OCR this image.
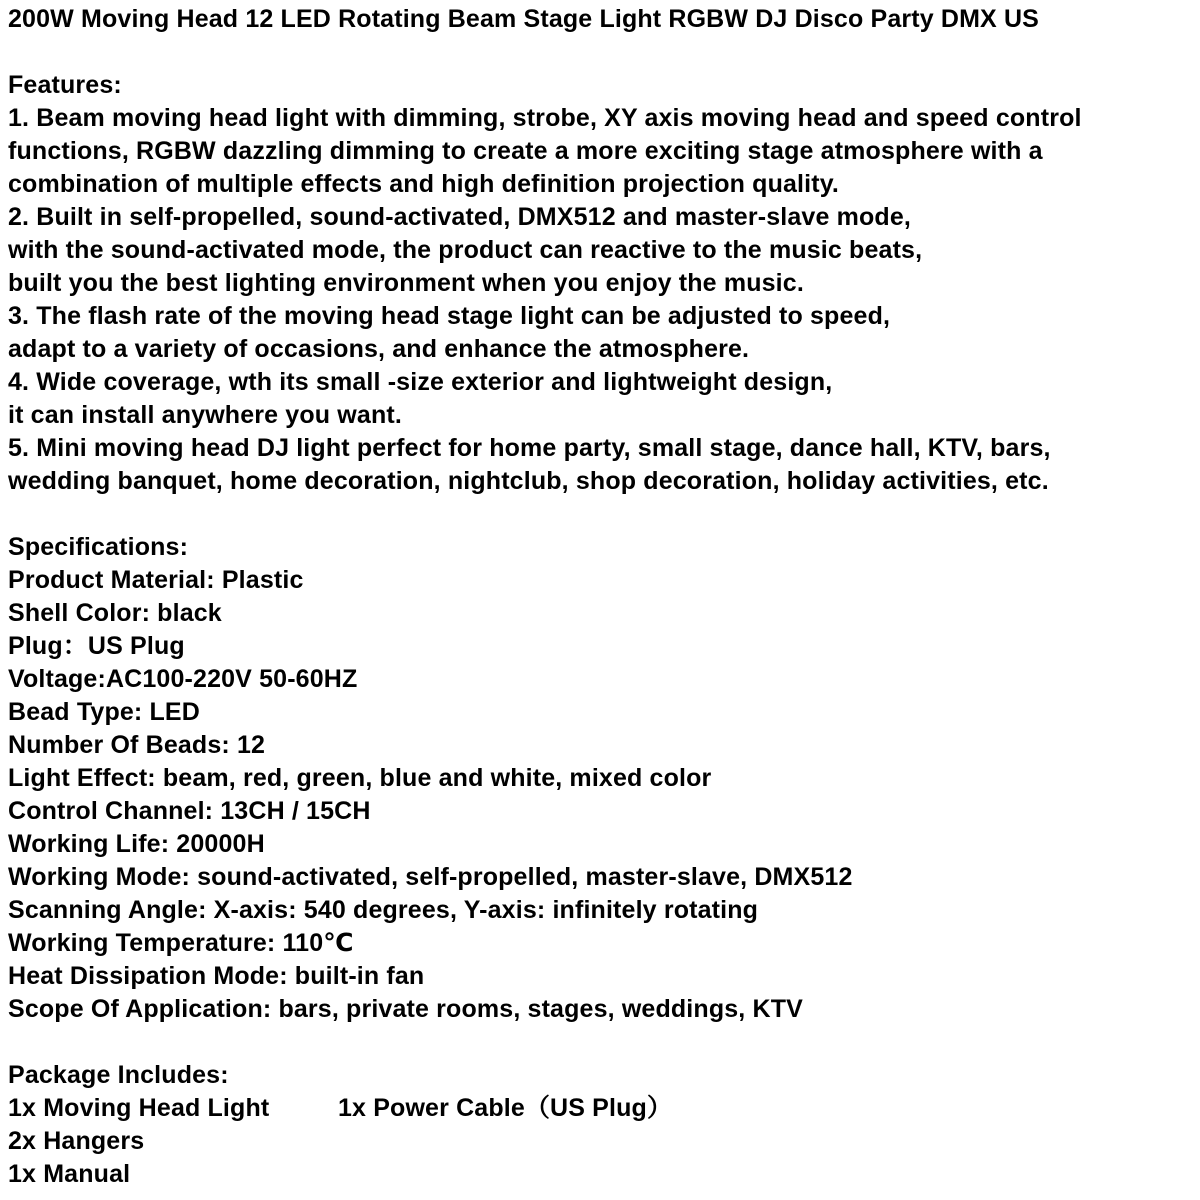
200W Moving Head 12 LED Rotating Beam Stage Light RGBW DJ Disco Party DMX US
Features:
1. Beam moving head light with dimming, strobe, XY axis moving head and speed control
functions, RGBW dazzling dimming to create a more exciting stage atmosphere with a
combination of multiple effects and high definition projection quality.
2. Built in self-propelled, sound-activated, DMX512 and master-slave mode,
with the sound-activated mode, the product can reactive to the music beats,
built you the best lighting environment when you enjoy the music.
3. The flash rate of the moving head stage light can be adjusted to speed,
adapt to a variety of occasions, and enhance the atmosphere.
4. Wide coverage, wth its small -size exterior and lightweight design,
it can install anywhere you want.
5. Mini moving head DJ light perfect for home party, small stage, dance hall, KTV, bars,
wedding banquet, home decoration, nightclub, shop decoration, holiday activities, etc.
Specifications:
Product Material: Plastic
Shell Color: black
Plug：US Plug
Voltage:AC100-220V 50-60HZ
Bead Type: LED
Number Of Beads: 12
Light Effect: beam, red, green, blue and white, mixed color
Control Channel: 13CH / 15CH
Working Life: 20000H
Working Mode: sound-activated, self-propelled, master-slave, DMX512
Scanning Angle: X-axis: 540 degrees, Y-axis: infinitely rotating
Working Temperature: 110℃
Heat Dissipation Mode: built-in fan
Scope Of Application: bars, private rooms, stages, weddings, KTV
Package Includes:
1x Moving Head Light	1x Power Cable（US Plug）
2x Hangers
1x Manual
